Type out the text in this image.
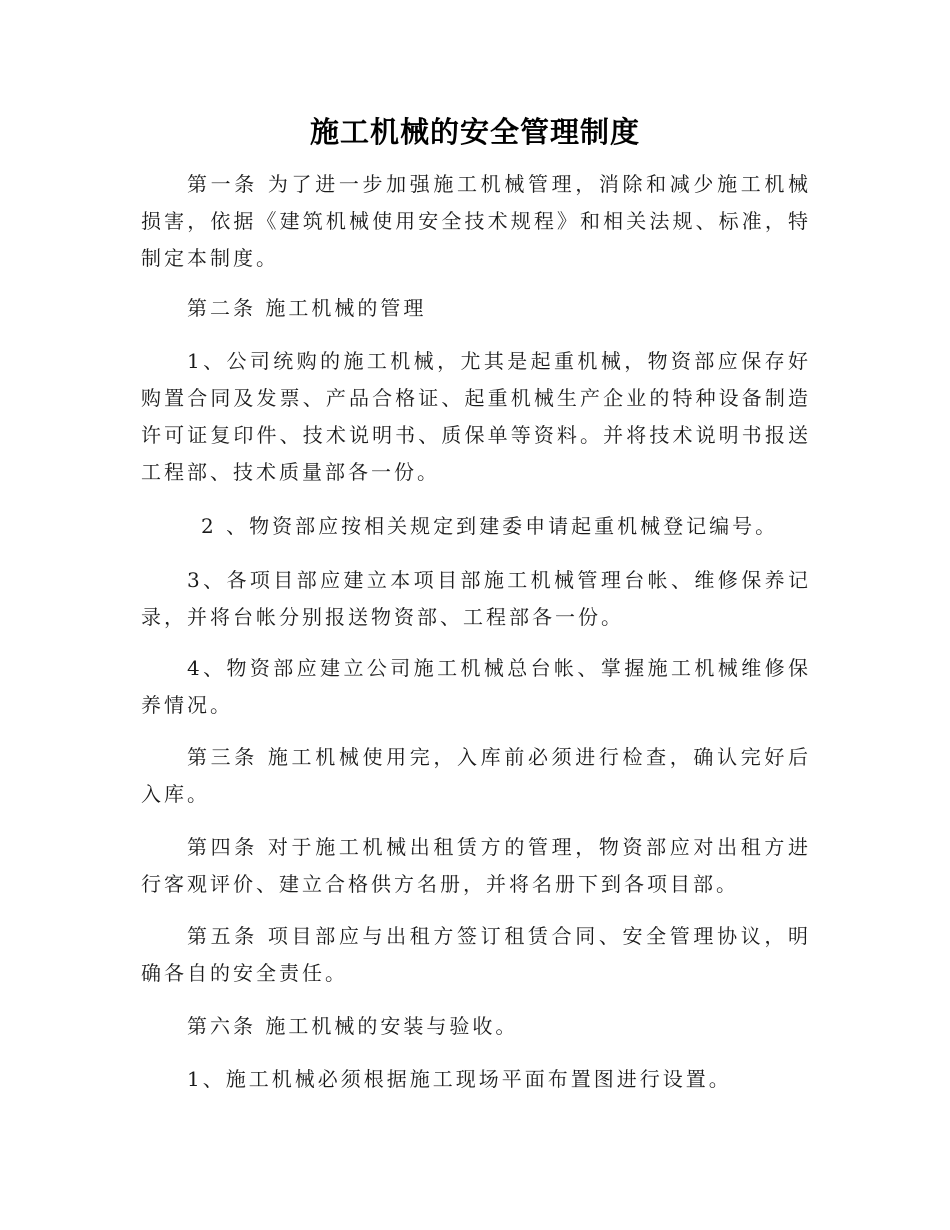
施工机械的安全管理制度
第一条 为了进一步加强施工机械管理，消除和减少施工机械损害，依据《建筑机械使用安全技术规程》和相关法规、标准，特制定本制度。
第二条 施工机械的管理
1、公司统购的施工机械，尤其是起重机械，物资部应保存好购置合同及发票、产品合格证、起重机械生产企业的特种设备制造许可证复印件、技术说明书、质保单等资料。并将技术说明书报送工程部、技术质量部各一份。
2 、物资部应按相关规定到建委申请起重机械登记编号。
3、各项目部应建立本项目部施工机械管理台帐、维修保养记录，并将台帐分别报送物资部、工程部各一份。
4、物资部应建立公司施工机械总台帐、掌握施工机械维修保养情况。
第三条 施工机械使用完，入库前必须进行检查，确认完好后入库。
第四条 对于施工机械出租赁方的管理，物资部应对出租方进行客观评价、建立合格供方名册，并将名册下到各项目部。
第五条 项目部应与出租方签订租赁合同、安全管理协议，明确各自的安全责任。
第六条 施工机械的安装与验收。
1、施工机械必须根据施工现场平面布置图进行设置。
